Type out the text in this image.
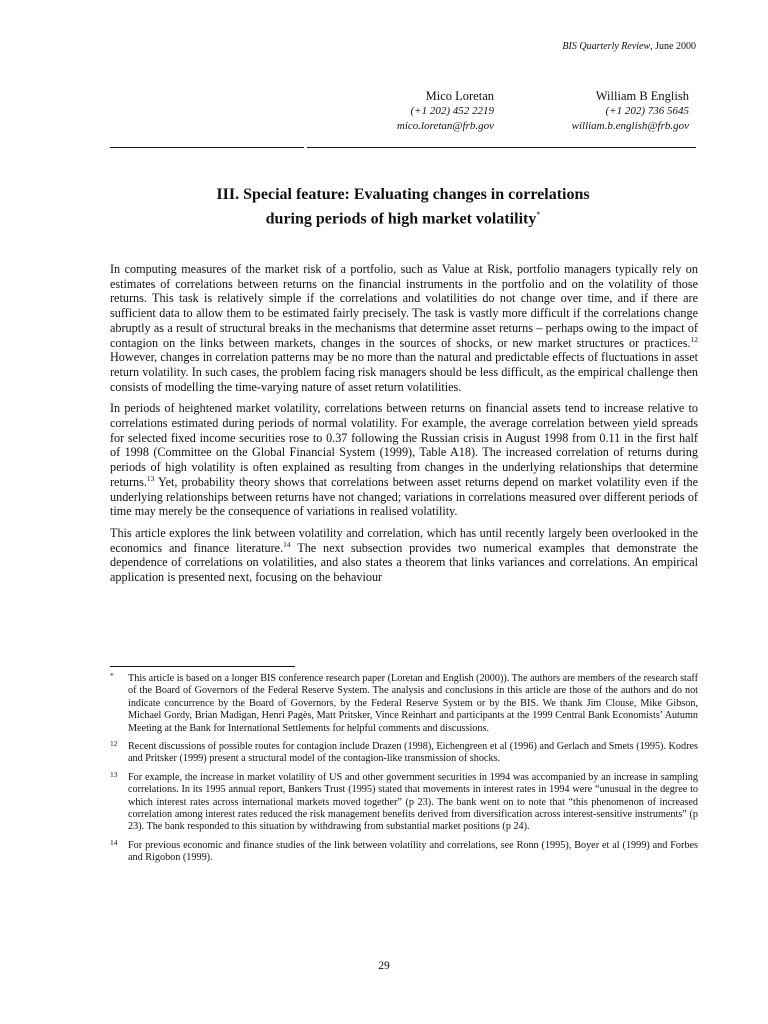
BIS Quarterly Review, June 2000
Mico Loretan
(+1 202) 452 2219
mico.loretan@frb.gov
William B English
(+1 202) 736 5645
william.b.english@frb.gov
III. Special feature: Evaluating changes in correlations
during periods of high market volatility*

In computing measures of the market risk of a portfolio, such as Value at Risk, portfolio managers typically rely on estimates of correlations between returns on the financial instruments in the portfolio and on the volatility of those returns. This task is relatively simple if the correlations and volatilities do not change over time, and if there are sufficient data to allow them to be estimated fairly precisely. The task is vastly more difficult if the correlations change abruptly as a result of structural breaks in the mechanisms that determine asset returns – perhaps owing to the impact of contagion on the links between markets, changes in the sources of shocks, or new market structures or practices.$^{12}$ However, changes in correlation patterns may be no more than the natural and predictable effects of fluctuations in asset return volatility. In such cases, the problem facing risk managers should be less difficult, as the empirical challenge then consists of modelling the time-varying nature of asset return volatilities.

In periods of heightened market volatility, correlations between returns on financial assets tend to increase relative to correlations estimated during periods of normal volatility. For example, the average correlation between yield spreads for selected fixed income securities rose to 0.37 following the Russian crisis in August 1998 from 0.11 in the first half of 1998 (Committee on the Global Financial System (1999), Table A18). The increased correlation of returns during periods of high volatility is often explained as resulting from changes in the underlying relationships that determine returns.$^{13}$ Yet, probability theory shows that correlations between asset returns depend on market volatility even if the underlying relationships between returns have not changed; variations in correlations measured over different periods of time may merely be the consequence of variations in realised volatility.

This article explores the link between volatility and correlation, which has until recently largely been overlooked in the economics and finance literature.$^{14}$ The next subsection provides two numerical examples that demonstrate the dependence of correlations on volatilities, and also states a theorem that links variances and correlations. An empirical application is presented next, focusing on the behaviour

* This article is based on a longer BIS conference research paper (Loretan and English (2000)). The authors are members of the research staff of the Board of Governors of the Federal Reserve System. The analysis and conclusions in this article are those of the authors and do not indicate concurrence by the Board of Governors, by the Federal Reserve System or by the BIS. We thank Jim Clouse, Mike Gibson, Michael Gordy, Brian Madigan, Henri Pagès, Matt Pritsker, Vince Reinhart and participants at the 1999 Central Bank Economists’ Autumn Meeting at the Bank for International Settlements for helpful comments and discussions.
12 Recent discussions of possible routes for contagion include Drazen (1998), Eichengreen et al (1996) and Gerlach and Smets (1995). Kodres and Pritsker (1999) present a structural model of the contagion-like transmission of shocks.
13 For example, the increase in market volatility of US and other government securities in 1994 was accompanied by an increase in sampling correlations. In its 1995 annual report, Bankers Trust (1995) stated that movements in interest rates in 1994 were “unusual in the degree to which interest rates across international markets moved together” (p 23). The bank went on to note that “this phenomenon of increased correlation among interest rates reduced the risk management benefits derived from diversification across interest-sensitive instruments” (p 23). The bank responded to this situation by withdrawing from substantial market positions (p 24).
14 For previous economic and finance studies of the link between volatility and correlations, see Ronn (1995), Boyer et al (1999) and Forbes and Rigobon (1999).
29
